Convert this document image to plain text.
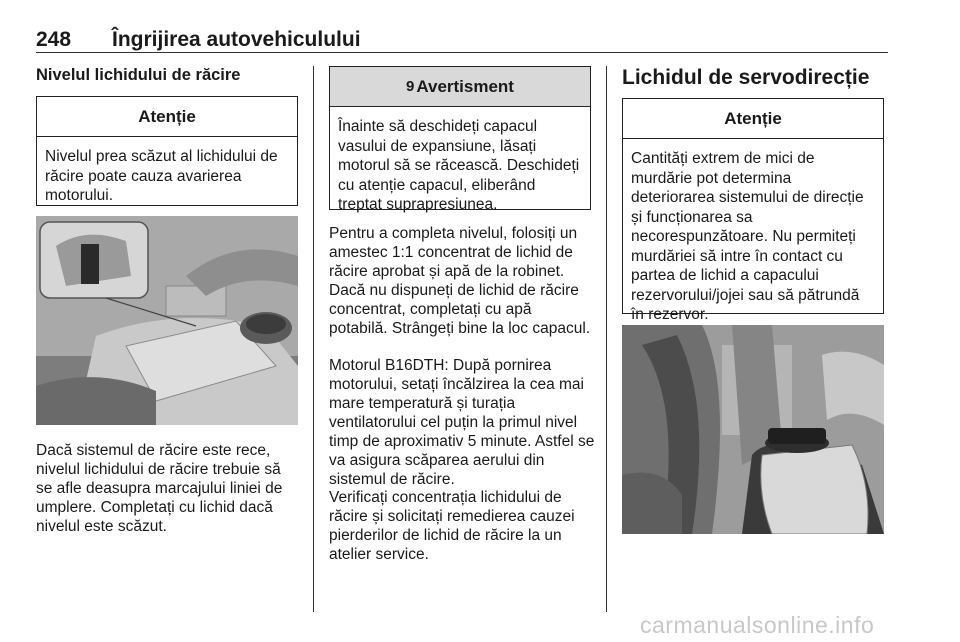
248 Îngrijirea autovehiculului
Nivelul lichidului de răcire
Atenție
Nivelul prea scăzut al lichidului de răcire poate cauza avarierea motorului.
Dacă sistemul de răcire este rece, nivelul lichidului de răcire trebuie să se afle deasupra marcajului liniei de umplere. Completați cu lichid dacă nivelul este scăzut.
9 Avertisment
Înainte să deschideți capacul vasului de expansiune, lăsați motorul să se răcească. Deschideți cu atenție capacul, eliberând treptat suprapresiunea.
Pentru a completa nivelul, folosiți un amestec 1:1 concentrat de lichid de răcire aprobat și apă de la robinet. Dacă nu dispuneți de lichid de răcire concentrat, completați cu apă potabilă. Strângeți bine la loc capacul.
Motorul B16DTH: După pornirea motorului, setați încălzirea la cea mai mare temperatură și turația ventilatorului cel puțin la primul nivel timp de aproximativ 5 minute. Astfel se va asigura scăparea aerului din sistemul de răcire.
Verificați concentrația lichidului de răcire și solicitați remedierea cauzei pierderilor de lichid de răcire la un atelier service.
Lichidul de servodirecție
Atenție
Cantități extrem de mici de murdărie pot determina deteriorarea sistemului de direcție și funcționarea sa necorespunzătoare. Nu permiteți murdăriei să intre în contact cu partea de lichid a capacului rezervorului/jojei sau să pătrundă în rezervor.
carmanualsonline.info
